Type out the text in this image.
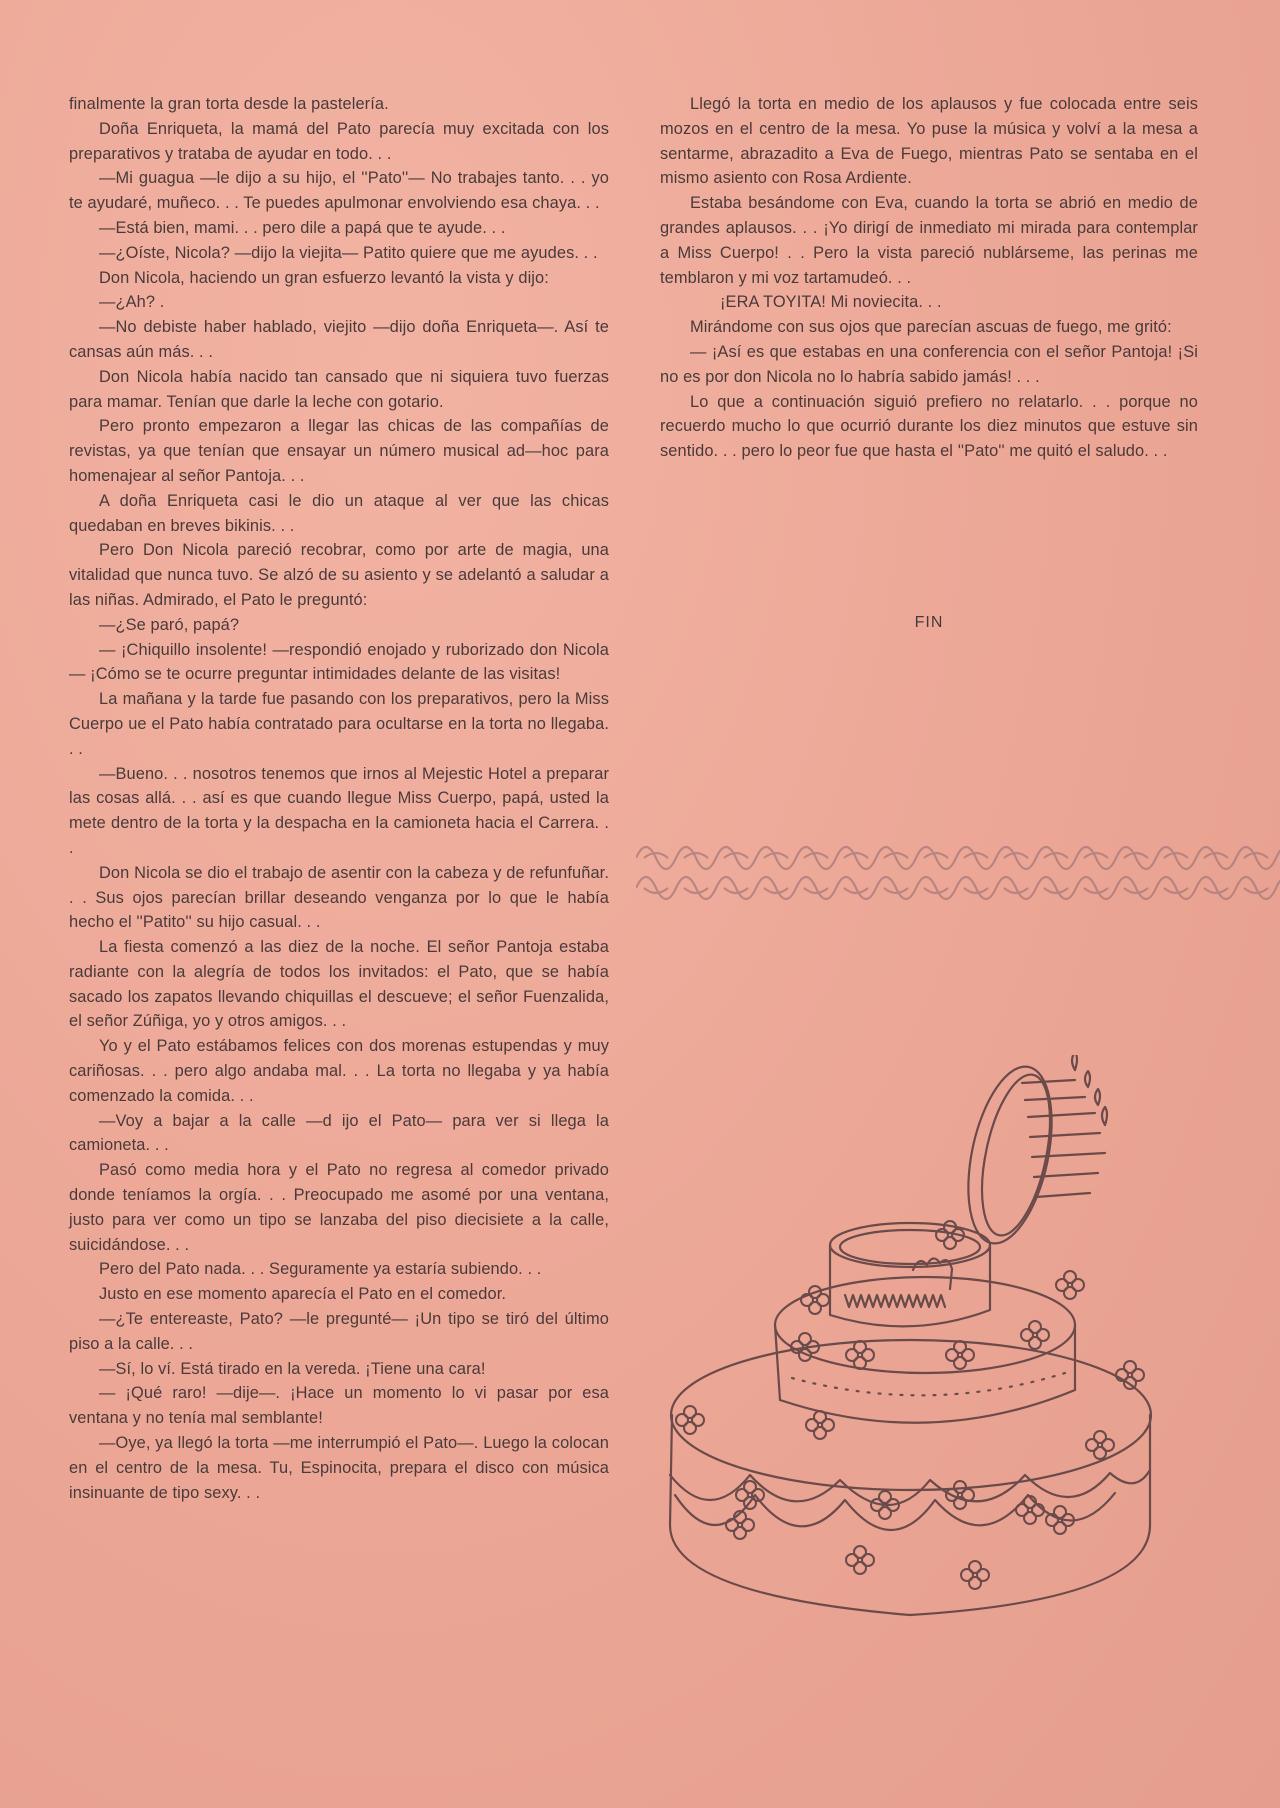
finalmente la gran torta desde la pastelería.

Doña Enriqueta, la mamá del Pato parecía muy excitada con los preparativos y trataba de ayudar en todo. . .

—Mi guagua —le dijo a su hijo, el ''Pato''— No trabajes tanto. . . yo te ayudaré, muñeco. . . Te puedes apulmonar envolviendo esa chaya. . .

—Está bien, mami. . . pero dile a papá que te ayude. . .

—¿Oíste, Nicola? —dijo la viejita— Patito quiere que me ayudes. . .

Don Nicola, haciendo un gran esfuerzo levantó la vista y dijo:

—¿Ah? .

—No debiste haber hablado, viejito —dijo doña Enriqueta—. Así te cansas aún más. . .

Don Nicola había nacido tan cansado que ni siquiera tuvo fuerzas para mamar. Tenían que darle la leche con gotario.

Pero pronto empezaron a llegar las chicas de las compañías de revistas, ya que tenían que ensayar un número musical ad—hoc para homenajear al señor Pantoja. . .

A doña Enriqueta casi le dio un ataque al ver que las chicas quedaban en breves bikinis. . .

Pero Don Nicola pareció recobrar, como por arte de magia, una vitalidad que nunca tuvo. Se alzó de su asiento y se adelantó a saludar a las niñas. Admirado, el Pato le preguntó:

—¿Se paró, papá?

— ¡Chiquillo insolente! —respondió enojado y ruborizado don Nicola— ¡Cómo se te ocurre preguntar intimidades delante de las visitas!

La mañana y la tarde fue pasando con los preparativos, pero la Miss Cuerpo ue el Pato había contratado para ocultarse en la torta no llegaba. . .

—Bueno. . . nosotros tenemos que irnos al Mejestic Hotel a preparar las cosas allá. . . así es que cuando llegue Miss Cuerpo, papá, usted la mete dentro de la torta y la despacha en la camioneta hacia el Carrera. . .

Don Nicola se dio el trabajo de asentir con la cabeza y de refunfuñar. . . Sus ojos parecían brillar deseando venganza por lo que le había hecho el ''Patito'' su hijo casual. . .

La fiesta comenzó a las diez de la noche. El señor Pantoja estaba radiante con la alegría de todos los invitados: el Pato, que se había sacado los zapatos llevando chiquillas el descueve; el señor Fuenzalida, el señor Zúñiga, yo y otros amigos. . .

Yo y el Pato estábamos felices con dos morenas estupendas y muy cariñosas. . . pero algo andaba mal. . . La torta no llegaba y ya había comenzado la comida. . .

—Voy a bajar a la calle —d ijo el Pato— para ver si llega la camioneta. . .

Pasó como media hora y el Pato no regresa al comedor privado donde teníamos la orgía. . . Preocupado me asomé por una ventana, justo para ver como un tipo se lanzaba del piso diecisiete a la calle, suicidándose. . .

Pero del Pato nada. . . Seguramente ya estaría subiendo. . .

Justo en ese momento aparecía el Pato en el comedor.

—¿Te entereaste, Pato? —le pregunté— ¡Un tipo se tiró del último piso a la calle. . .

—Sí, lo ví. Está tirado en la vereda. ¡Tiene una cara!

— ¡Qué raro! —dije—. ¡Hace un momento lo vi pasar por esa ventana y no tenía mal semblante!

—Oye, ya llegó la torta —me interrumpió el Pato—. Luego la colocan en el centro de la mesa. Tu, Espinocita, prepara el disco con música insinuante de tipo sexy. . .

Llegó la torta en medio de los aplausos y fue colocada entre seis mozos en el centro de la mesa. Yo puse la música y volví a la mesa a sentarme, abrazadito a Eva de Fuego, mientras Pato se sentaba en el mismo asiento con Rosa Ardiente.

Estaba besándome con Eva, cuando la torta se abrió en medio de grandes aplausos. . . ¡Yo dirigí de inmediato mi mirada para contemplar a Miss Cuerpo! . . Pero la vista pareció nublárseme, las perinas me temblaron y mi voz tartamudeó. . .

¡ERA TOYITA! Mi noviecita. . .

Mirándome con sus ojos que parecían ascuas de fuego, me gritó:

— ¡Así es que estabas en una conferencia con el señor Pantoja! ¡Si no es por don Nicola no lo habría sabido jamás! . . .

Lo que a continuación siguió prefiero no relatarlo. . . porque no recuerdo mucho lo que ocurrió durante los diez minutos que estuve sin sentido. . . pero lo peor fue que hasta el ''Pato'' me quitó el saludo. . .

FIN
